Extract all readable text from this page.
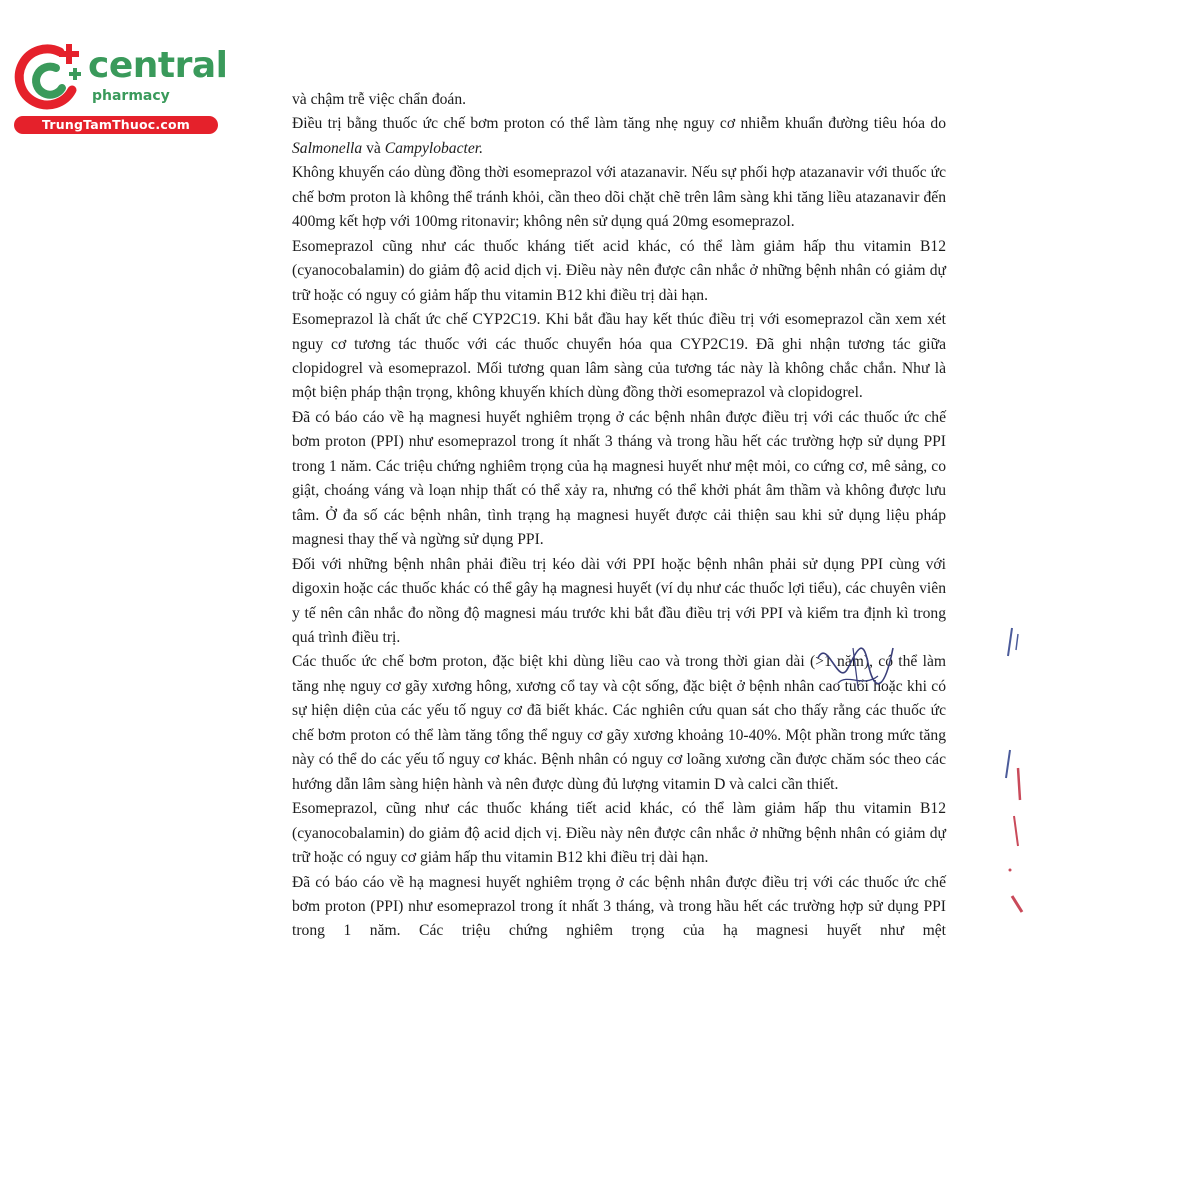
central
pharmacy
TrungTamThuoc.com

và chậm trễ việc chẩn đoán.

Điều trị bằng thuốc ức chế bơm proton có thể làm tăng nhẹ nguy cơ nhiễm khuẩn đường tiêu hóa do Salmonella và Campylobacter.

Không khuyến cáo dùng đồng thời esomeprazol với atazanavir. Nếu sự phối hợp atazanavir với thuốc ức chế bơm proton là không thể tránh khỏi, cần theo dõi chặt chẽ trên lâm sàng khi tăng liều atazanavir đến 400mg kết hợp với 100mg ritonavir; không nên sử dụng quá 20mg esomeprazol.

Esomeprazol cũng như các thuốc kháng tiết acid khác, có thể làm giảm hấp thu vitamin B12 (cyanocobalamin) do giảm độ acid dịch vị. Điều này nên được cân nhắc ở những bệnh nhân có giảm dự trữ hoặc có nguy có giảm hấp thu vitamin B12 khi điều trị dài hạn.

Esomeprazol là chất ức chế CYP2C19. Khi bắt đầu hay kết thúc điều trị với esomeprazol cần xem xét nguy cơ tương tác thuốc với các thuốc chuyển hóa qua CYP2C19. Đã ghi nhận tương tác giữa clopidogrel và esomeprazol. Mối tương quan lâm sàng của tương tác này là không chắc chắn. Như là một biện pháp thận trọng, không khuyến khích dùng đồng thời esomeprazol và clopidogrel.

Đã có báo cáo về hạ magnesi huyết nghiêm trọng ở các bệnh nhân được điều trị với các thuốc ức chế bơm proton (PPI) như esomeprazol trong ít nhất 3 tháng và trong hầu hết các trường hợp sử dụng PPI trong 1 năm. Các triệu chứng nghiêm trọng của hạ magnesi huyết như mệt mỏi, co cứng cơ, mê sảng, co giật, choáng váng và loạn nhịp thất có thể xảy ra, nhưng có thể khởi phát âm thầm và không được lưu tâm. Ở đa số các bệnh nhân, tình trạng hạ magnesi huyết được cải thiện sau khi sử dụng liệu pháp magnesi thay thế và ngừng sử dụng PPI.

Đối với những bệnh nhân phải điều trị kéo dài với PPI hoặc bệnh nhân phải sử dụng PPI cùng với digoxin hoặc các thuốc khác có thể gây hạ magnesi huyết (ví dụ như các thuốc lợi tiểu), các chuyên viên y tế nên cân nhắc đo nồng độ magnesi máu trước khi bắt đầu điều trị với PPI và kiểm tra định kì trong quá trình điều trị.

Các thuốc ức chế bơm proton, đặc biệt khi dùng liều cao và trong thời gian dài (>1 năm), có thể làm tăng nhẹ nguy cơ gãy xương hông, xương cổ tay và cột sống, đặc biệt ở bệnh nhân cao tuổi hoặc khi có sự hiện diện của các yếu tố nguy cơ đã biết khác. Các nghiên cứu quan sát cho thấy rằng các thuốc ức chế bơm proton có thể làm tăng tổng thể nguy cơ gãy xương khoảng 10-40%. Một phần trong mức tăng này có thể do các yếu tố nguy cơ khác. Bệnh nhân có nguy cơ loãng xương cần được chăm sóc theo các hướng dẫn lâm sàng hiện hành và nên được dùng đủ lượng vitamin D và calci cần thiết.

Esomeprazol, cũng như các thuốc kháng tiết acid khác, có thể làm giảm hấp thu vitamin B12 (cyanocobalamin) do giảm độ acid dịch vị. Điều này nên được cân nhắc ở những bệnh nhân có giảm dự trữ hoặc có nguy cơ giảm hấp thu vitamin B12 khi điều trị dài hạn.

Đã có báo cáo về hạ magnesi huyết nghiêm trọng ở các bệnh nhân được điều trị với các thuốc ức chế bơm proton (PPI) như esomeprazol trong ít nhất 3 tháng, và trong hầu hết các trường hợp sử dụng PPI trong 1 năm. Các triệu chứng nghiêm trọng của hạ magnesi huyết như mệt
